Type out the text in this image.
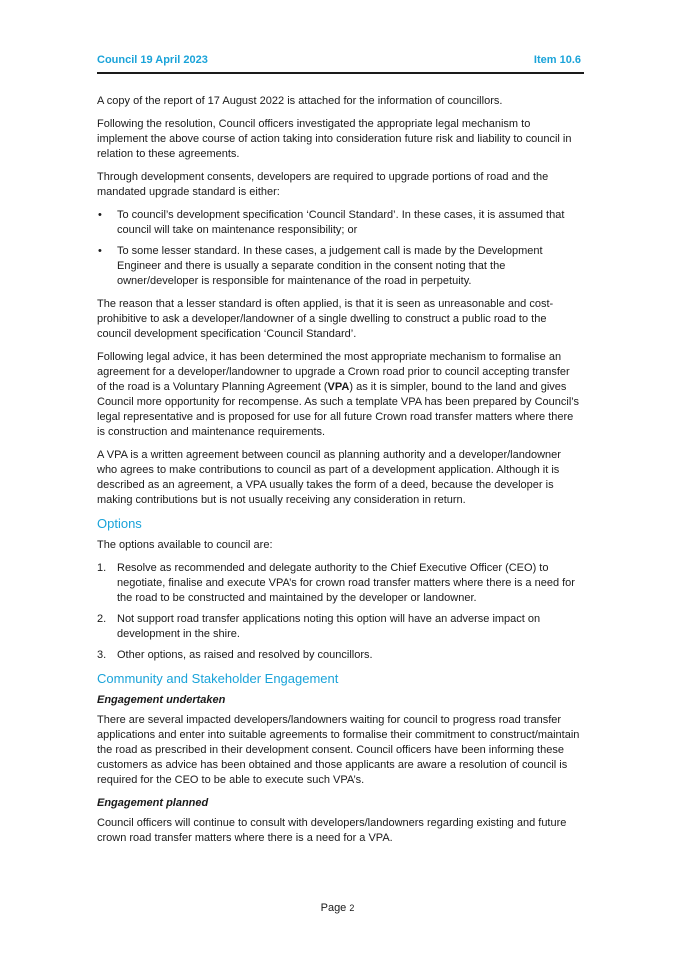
Council 19 April 2023	Item 10.6

A copy of the report of 17 August 2022 is attached for the information of councillors.

Following the resolution, Council officers investigated the appropriate legal mechanism to implement the above course of action taking into consideration future risk and liability to council in relation to these agreements.

Through development consents, developers are required to upgrade portions of road and the mandated upgrade standard is either:

• To council’s development specification ‘Council Standard’. In these cases, it is assumed that council will take on maintenance responsibility; or
• To some lesser standard. In these cases, a judgement call is made by the Development Engineer and there is usually a separate condition in the consent noting that the owner/developer is responsible for maintenance of the road in perpetuity.

The reason that a lesser standard is often applied, is that it is seen as unreasonable and cost-prohibitive to ask a developer/landowner of a single dwelling to construct a public road to the council development specification ‘Council Standard’.

Following legal advice, it has been determined the most appropriate mechanism to formalise an agreement for a developer/landowner to upgrade a Crown road prior to council accepting transfer of the road is a Voluntary Planning Agreement (VPA) as it is simpler, bound to the land and gives Council more opportunity for recompense. As such a template VPA has been prepared by Council’s legal representative and is proposed for use for all future Crown road transfer matters where there is construction and maintenance requirements.

A VPA is a written agreement between council as planning authority and a developer/landowner who agrees to make contributions to council as part of a development application. Although it is described as an agreement, a VPA usually takes the form of a deed, because the developer is making contributions but is not usually receiving any consideration in return.

Options

The options available to council are:

1. Resolve as recommended and delegate authority to the Chief Executive Officer (CEO) to negotiate, finalise and execute VPA’s for crown road transfer matters where there is a need for the road to be constructed and maintained by the developer or landowner.
2. Not support road transfer applications noting this option will have an adverse impact on development in the shire.
3. Other options, as raised and resolved by councillors.
Community and Stakeholder Engagement
Engagement undertaken

There are several impacted developers/landowners waiting for council to progress road transfer applications and enter into suitable agreements to formalise their commitment to construct/maintain the road as prescribed in their development consent. Council officers have been informing these customers as advice has been obtained and those applicants are aware a resolution of council is required for the CEO to be able to execute such VPA’s.

Engagement planned

Council officers will continue to consult with developers/landowners regarding existing and future crown road transfer matters where there is a need for a VPA.

Page 2
